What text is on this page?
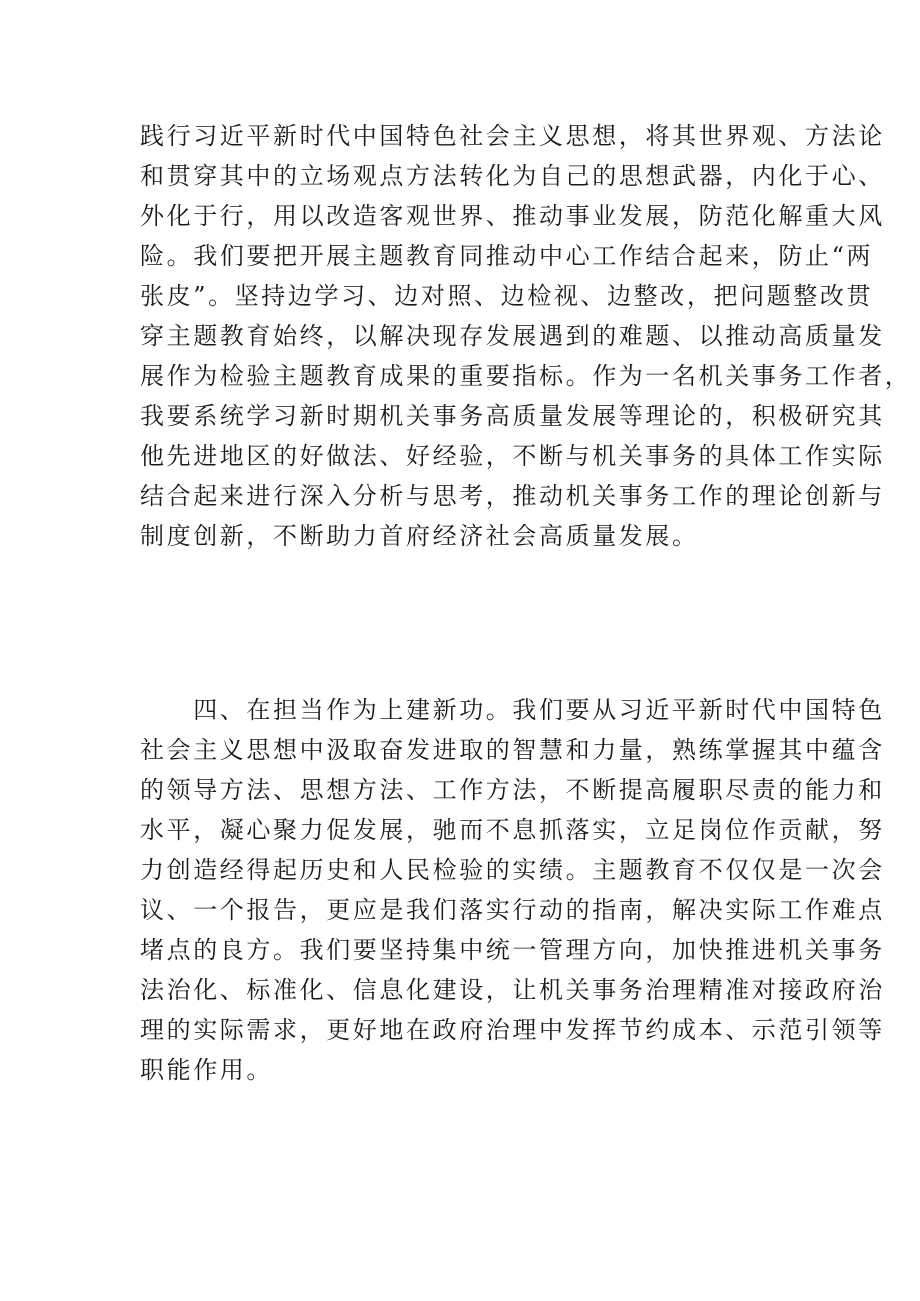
践行习近平新时代中国特色社会主义思想，将其世界观、方法论
和贯穿其中的立场观点方法转化为自己的思想武器，内化于心、
外化于行，用以改造客观世界、推动事业发展，防范化解重大风
险。我们要把开展主题教育同推动中心工作结合起来，防止“两
张皮”。坚持边学习、边对照、边检视、边整改，把问题整改贯
穿主题教育始终，以解决现存发展遇到的难题、以推动高质量发
展作为检验主题教育成果的重要指标。作为一名机关事务工作者，
我要系统学习新时期机关事务高质量发展等理论的，积极研究其
他先进地区的好做法、好经验，不断与机关事务的具体工作实际
结合起来进行深入分析与思考，推动机关事务工作的理论创新与
制度创新，不断助力首府经济社会高质量发展。
　　四、在担当作为上建新功。我们要从习近平新时代中国特色
社会主义思想中汲取奋发进取的智慧和力量，熟练掌握其中蕴含
的领导方法、思想方法、工作方法，不断提高履职尽责的能力和
水平，凝心聚力促发展，驰而不息抓落实，立足岗位作贡献，努
力创造经得起历史和人民检验的实绩。主题教育不仅仅是一次会
议、一个报告，更应是我们落实行动的指南，解决实际工作难点
堵点的良方。我们要坚持集中统一管理方向，加快推进机关事务
法治化、标准化、信息化建设，让机关事务治理精准对接政府治
理的实际需求，更好地在政府治理中发挥节约成本、示范引领等
职能作用。
